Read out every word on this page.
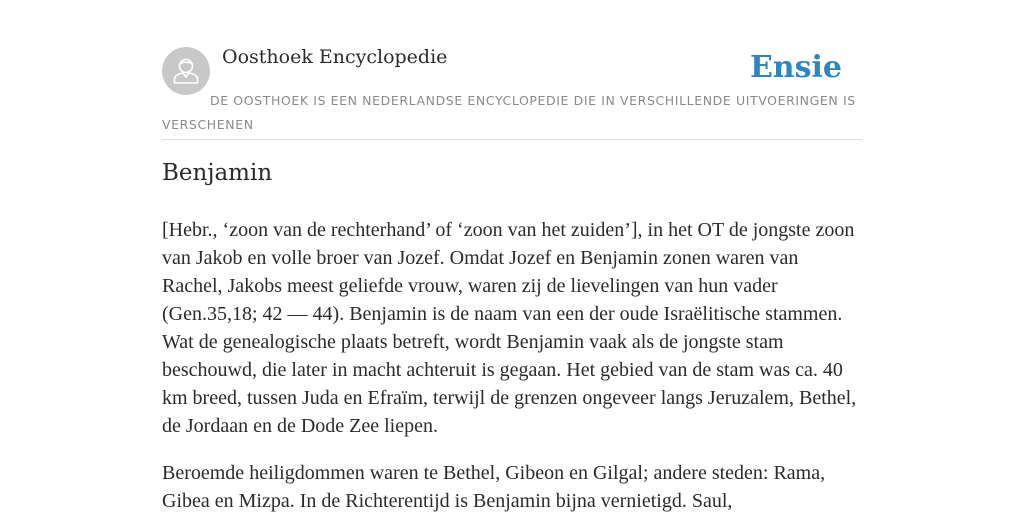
Oosthoek Encyclopedie	Ensie
DE OOSTHOEK IS EEN NEDERLANDSE ENCYCLOPEDIE DIE IN VERSCHILLENDE UITVOERINGEN IS VERSCHENEN
Benjamin

[Hebr., ‘zoon van de rechterhand’ of ‘zoon van het zuiden’], in het OT de jongste zoon van Jakob en volle broer van Jozef. Omdat Jozef en Benjamin zonen waren van Rachel, Jakobs meest geliefde vrouw, waren zij de lievelingen van hun vader (Gen.35,18; 42 — 44). Benjamin is de naam van een der oude Israëlitische stammen. Wat de genealogische plaats betreft, wordt Benjamin vaak als de jongste stam beschouwd, die later in macht achteruit is gegaan. Het gebied van de stam was ca. 40 km breed, tussen Juda en Efraïm, terwijl de grenzen ongeveer langs Jeruzalem, Bethel, de Jordaan en de Dode Zee liepen.

Beroemde heiligdommen waren te Bethel, Gibeon en Gilgal; andere steden: Rama, Gibea en Mizpa. In de Richterentijd is Benjamin bijna vernietigd. Saul,
